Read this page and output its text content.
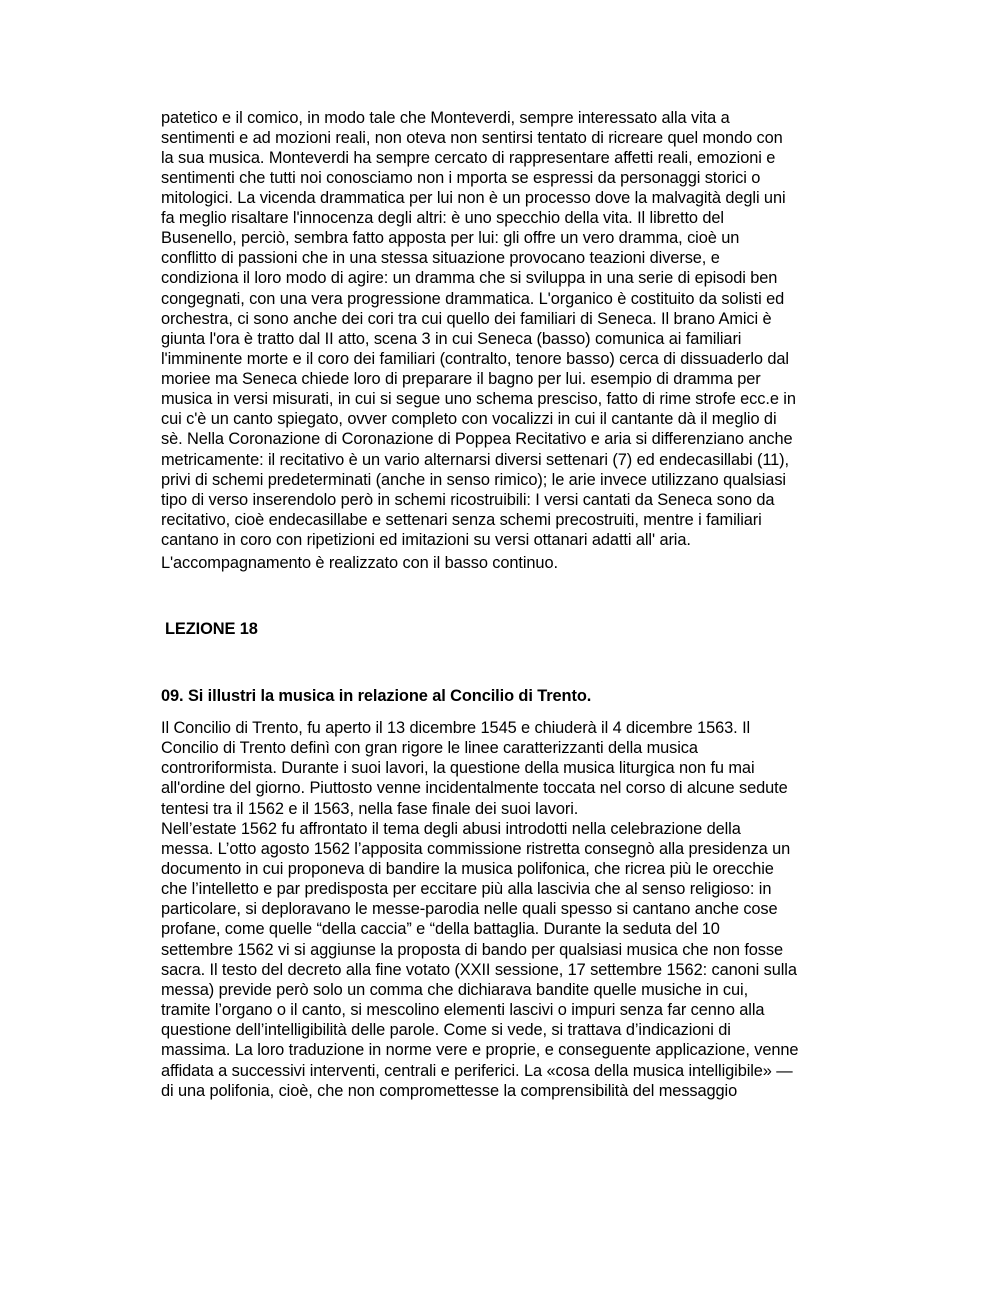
patetico e il comico, in modo tale che Monteverdi, sempre interessato alla vita a
sentimenti e ad mozioni reali, non oteva non sentirsi tentato di ricreare quel mondo con
la sua musica. Monteverdi ha sempre cercato di rappresentare affetti reali, emozioni e
sentimenti che tutti noi conosciamo non i mporta se espressi da personaggi storici o
mitologici. La vicenda drammatica per lui non è un processo dove la malvagità degli uni
fa meglio risaltare l'innocenza degli altri: è uno specchio della vita. Il libretto del
Busenello, perciò, sembra fatto apposta per lui: gli offre un vero dramma, cioè un
conflitto di passioni che in una stessa situazione provocano teazioni diverse, e
condiziona il loro modo di agire: un dramma che si sviluppa in una serie di episodi ben
congegnati, con una vera progressione drammatica. L'organico è costituito da solisti ed
orchestra, ci sono anche dei cori tra cui quello dei familiari di Seneca. Il brano Amici è
giunta l'ora è tratto dal II atto, scena 3 in cui Seneca (basso) comunica ai familiari
l'imminente morte e il coro dei familiari (contralto, tenore basso) cerca di dissuaderlo dal
moriee ma Seneca chiede loro di preparare il bagno per lui. esempio di dramma per
musica in versi misurati, in cui si segue uno schema presciso, fatto di rime strofe ecc.e in
cui c'è un canto spiegato, ovver completo con vocalizzi in cui il cantante dà il meglio di
sè. Nella Coronazione di Coronazione di Poppea Recitativo e aria si differenziano anche
metricamente: il recitativo è un vario alternarsi diversi settenari (7) ed endecasillabi (11),
privi di schemi predeterminati (anche in senso rimico); le arie invece utilizzano qualsiasi
tipo di verso inserendolo però in schemi ricostruibili: I versi cantati da Seneca sono da
recitativo, cioè endecasillabe e settenari senza schemi precostruiti, mentre i familiari
cantano in coro con ripetizioni ed imitazioni su versi ottanari adatti all' aria.
L'accompagnamento è realizzato con il basso continuo.
LEZIONE 18
09. Si illustri la musica in relazione al Concilio di Trento.
Il Concilio di Trento, fu aperto il 13 dicembre 1545 e chiuderà il 4 dicembre 1563. Il
Concilio di Trento definì con gran rigore le linee caratterizzanti della musica
controriformista. Durante i suoi lavori, la questione della musica liturgica non fu mai
all'ordine del giorno. Piuttosto venne incidentalmente toccata nel corso di alcune sedute
tentesi tra il 1562 e il 1563, nella fase finale dei suoi lavori.
Nell’estate 1562 fu affrontato il tema degli abusi introdotti nella celebrazione della
messa. L’otto agosto 1562 l’apposita commissione ristretta consegnò alla presidenza un
documento in cui proponeva di bandire la musica polifonica, che ricrea più le orecchie
che l’intelletto e par predisposta per eccitare più alla lascivia che al senso religioso: in
particolare, si deploravano le messe-parodia nelle quali spesso si cantano anche cose
profane, come quelle “della caccia” e “della battaglia. Durante la seduta del 10
settembre 1562 vi si aggiunse la proposta di bando per qualsiasi musica che non fosse
sacra. Il testo del decreto alla fine votato (XXII sessione, 17 settembre 1562: canoni sulla
messa) previde però solo un comma che dichiarava bandite quelle musiche in cui,
tramite l’organo o il canto, si mescolino elementi lascivi o impuri senza far cenno alla
questione dell’intelligibilità delle parole. Come si vede, si trattava d’indicazioni di
massima. La loro traduzione in norme vere e proprie, e conseguente applicazione, venne
affidata a successivi interventi, centrali e periferici. La «cosa della musica intelligibile» —
di una polifonia, cioè, che non compromettesse la comprensibilità del messaggio
